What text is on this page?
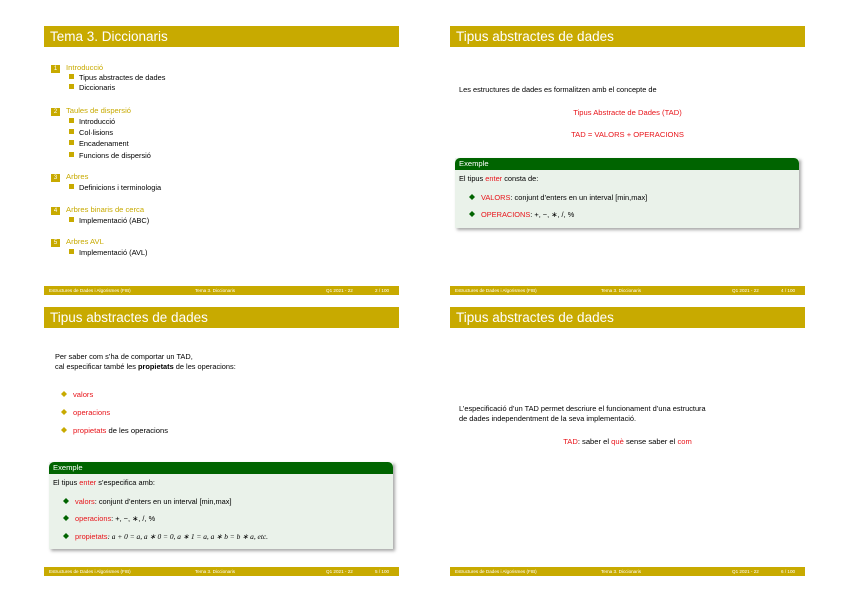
Tema 3. Diccionaris
1 Introducció
Tipus abstractes de dades
Diccionaris
2 Taules de dispersió
Introducció
Col·lisions
Encadenament
Funcions de dispersió
3 Arbres
Definicions i terminologia
4 Arbres binaris de cerca
Implementació (ABC)
5 Arbres AVL
Implementació (AVL)
Estructures de Dades i Algorismes (FIB)	Tema 3. Diccionaris	Q1 2021 - 22	2 / 100
Tipus abstractes de dades
Les estructures de dades es formalitzen amb el concepte de
Tipus Abstracte de Dades (TAD)
TAD = VALORS + OPERACIONS
Exemple
El tipus enter consta de:
VALORS: conjunt d’enters en un interval [min,max]
OPERACIONS: +, −, ∗, /, %
Estructures de Dades i Algorismes (FIB)	Tema 3. Diccionaris	Q1 2021 - 22	4 / 100
Tipus abstractes de dades
Per saber com s’ha de comportar un TAD,
cal especificar també les propietats de les operacions:
valors
operacions
propietats de les operacions
Exemple
El tipus enter s’especifica amb:
valors: conjunt d’enters en un interval [min,max]
operacions: +, −, ∗, /, %
propietats: a + 0 = a, a ∗ 0 = 0, a ∗ 1 = a, a ∗ b = b ∗ a, etc.
Estructures de Dades i Algorismes (FIB)	Tema 3. Diccionaris	Q1 2021 - 22	5 / 100
Tipus abstractes de dades
L’especificació d’un TAD permet descriure el funcionament d’una estructura
de dades independentment de la seva implementació.
TAD: saber el què sense saber el com
Estructures de Dades i Algorismes (FIB)	Tema 3. Diccionaris	Q1 2021 - 22	6 / 100
